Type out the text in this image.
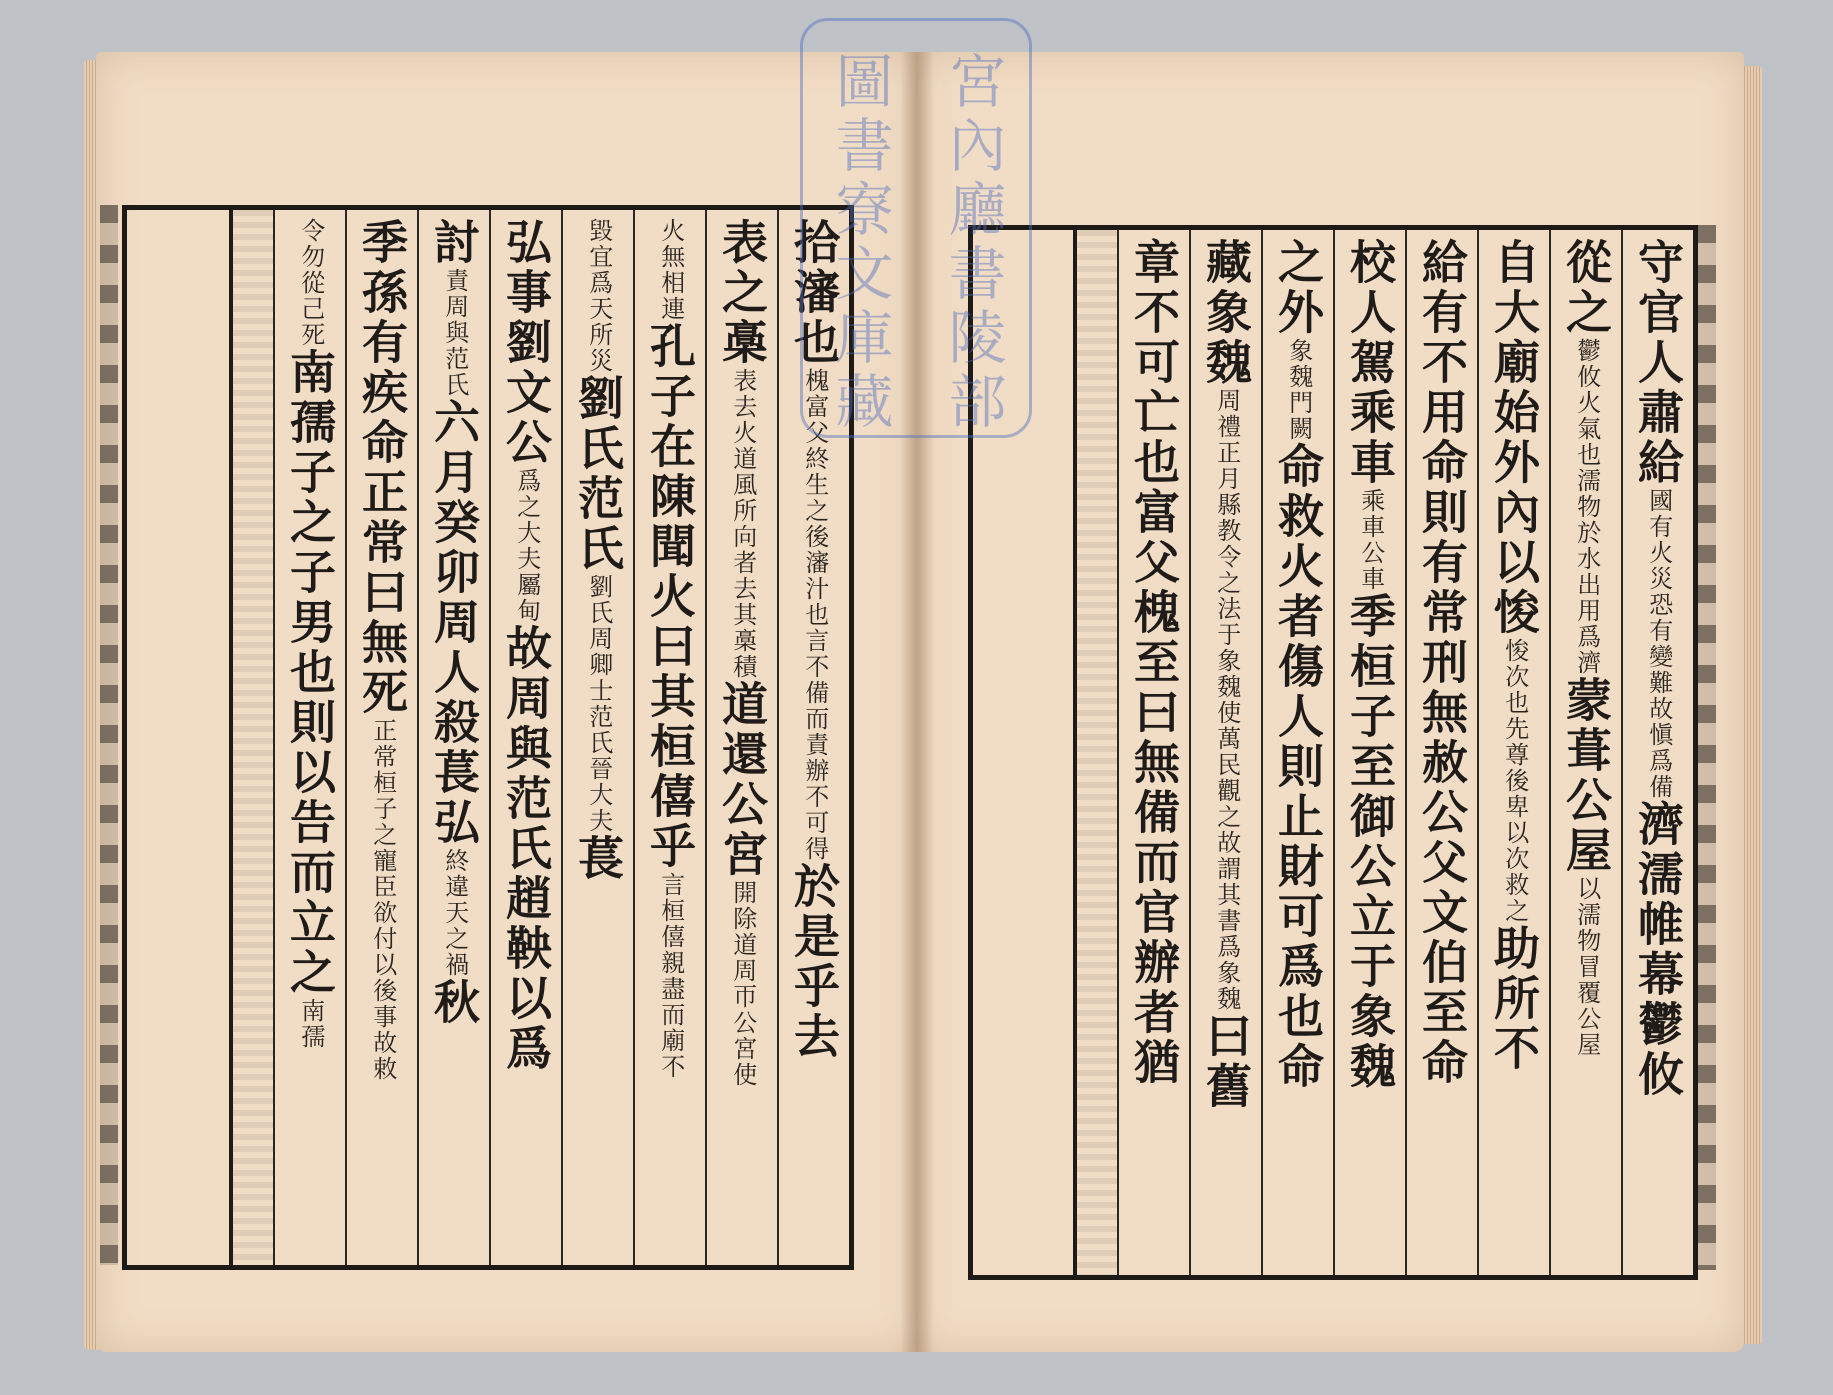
拾瀋也
槐富父終生之後瀋汁也言不備而責辦不可得
於是乎去
表之槀
表去火道風所向者去其槀積
道還公宮
開除道周帀公宮使
火無相連
孔子在陳聞火曰其桓僖乎
言桓僖親盡而廟不
毀宜爲天所災
劉氏范氏
劉氏周卿士范氏晉大夫
萇
弘事劉文公
爲之大夫屬甸
故周與范氏趙鞅以爲
討
責周與范氏
六月癸卯周人殺萇弘
終違天之禍
秋
季孫有疾命正常曰無死
正常桓子之寵臣欲付以後事故敕
令勿從己死
南孺子之子男也則以告而立之
南孺
守官人肅給
國有火災恐有變難故愼爲備
濟濡帷幕鬱攸
從之
鬱攸火氣也濡物於水出用爲濟
蒙葺公屋
以濡物冒覆公屋
自大廟始外內以悛
悛次也先尊後卑以次救之
助所不
給有不用命則有常刑無赦公父文伯至命
校人駕乘車
乘車公車
季桓子至御公立于象魏
之外
象魏門闕
命救火者傷人則止財可爲也命
藏象魏
周禮正月縣教令之法于象魏使萬民觀之故謂其書爲象魏
曰舊
章不可亡也富父槐至曰無備而官辦者猶
宮內廳書陵部
圖書寮文庫藏
